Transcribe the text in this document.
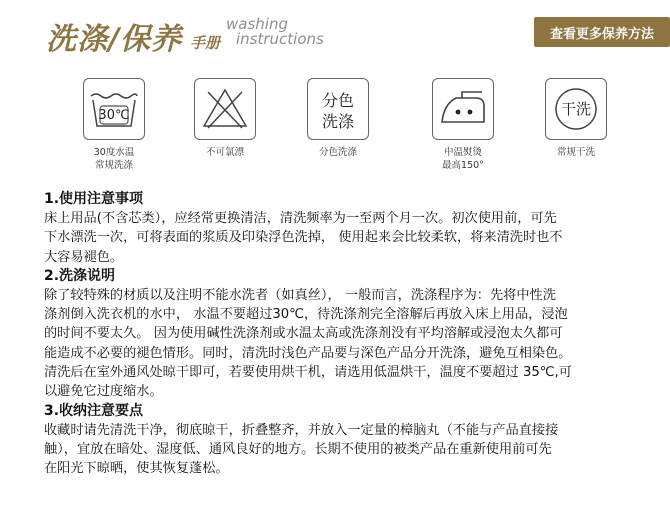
洗涤/保养	washing
instructions
手册	查看更多保养方法
30℃
30度水温
常规洗涤
不可氯漂
分色
洗涤
分色洗涤	中温熨烫
最高150°
干洗
常规干洗
1.使用注意事项
床上用品(不含芯类），应经常更换清洁，清洗频率为一至两个月一次。初次使用前，可先
下水漂洗一次，可将表面的浆质及印染浮色洗掉， 使用起来会比较柔软，将来清洗时也不
大容易褪色。
2.洗涤说明
除了较特殊的材质以及注明不能水洗者（如真丝）， 一般而言，洗涤程序为：先将中性洗
涤剂倒入洗衣机的水中， 水温不要超过30℃，待洗涤剂完全溶解后再放入床上用品，浸泡
的时间不要太久。 因为使用碱性洗涤剂或水温太高或洗涤剂没有平均溶解或浸泡太久都可
能造成不必要的褪色情形。同时，清洗时浅色产品要与深色产品分开洗涤，避免互相染色。
清洗后在室外通风处晾干即可，若要使用烘干机，请选用低温烘干，温度不要超过 35℃,可
以避免它过度缩水。
3.收纳注意要点
收藏时请先清洗干净，彻底晾干，折叠整齐，并放入一定量的樟脑丸（不能与产品直接接
触），宜放在暗处、湿度低、通风良好的地方。长期不使用的被类产品在重新使用前可先
在阳光下晾晒，使其恢复蓬松。
